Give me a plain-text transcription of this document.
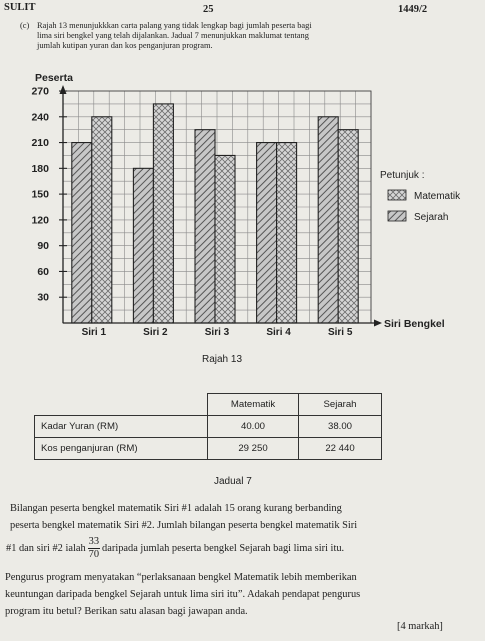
SULIT	25	1449/2
(c) Rajah 13 menunjukkkan carta palang yang tidak lengkap bagi jumlah peserta bagi
lima siri bengkel yang telah dijalankan. Jadual 7 menunjukkan maklumat tentang
jumlah kutipan yuran dan kos penganjuran program.
Siri 1	Siri 2	Siri 3	Siri 4	Siri 5
30
60
90
120
150
180
210
240
270
Peserta
Siri Bengkel
Petunjuk :
Matematik
Sejarah
Rajah 13
	Matematik	Sejarah
Kadar Yuran (RM)	40.00	38.00
Kos penganjuran (RM)	29 250	22 440
Jadual 7
Bilangan peserta bengkel matematik Siri #1 adalah 15 orang kurang berbanding
peserta bengkel matematik Siri #2. Jumlah bilangan peserta bengkel matematik Siri
#1 dan siri #2 ialah $\frac{33}{70}$ daripada jumlah peserta bengkel Sejarah bagi lima siri itu.
Pengurus program menyatakan “perlaksanaan bengkel Matematik lebih memberikan
keuntungan daripada bengkel Sejarah untuk lima siri itu”. Adakah pendapat pengurus
program itu betul? Berikan satu alasan bagi jawapan anda.
[4 markah]
